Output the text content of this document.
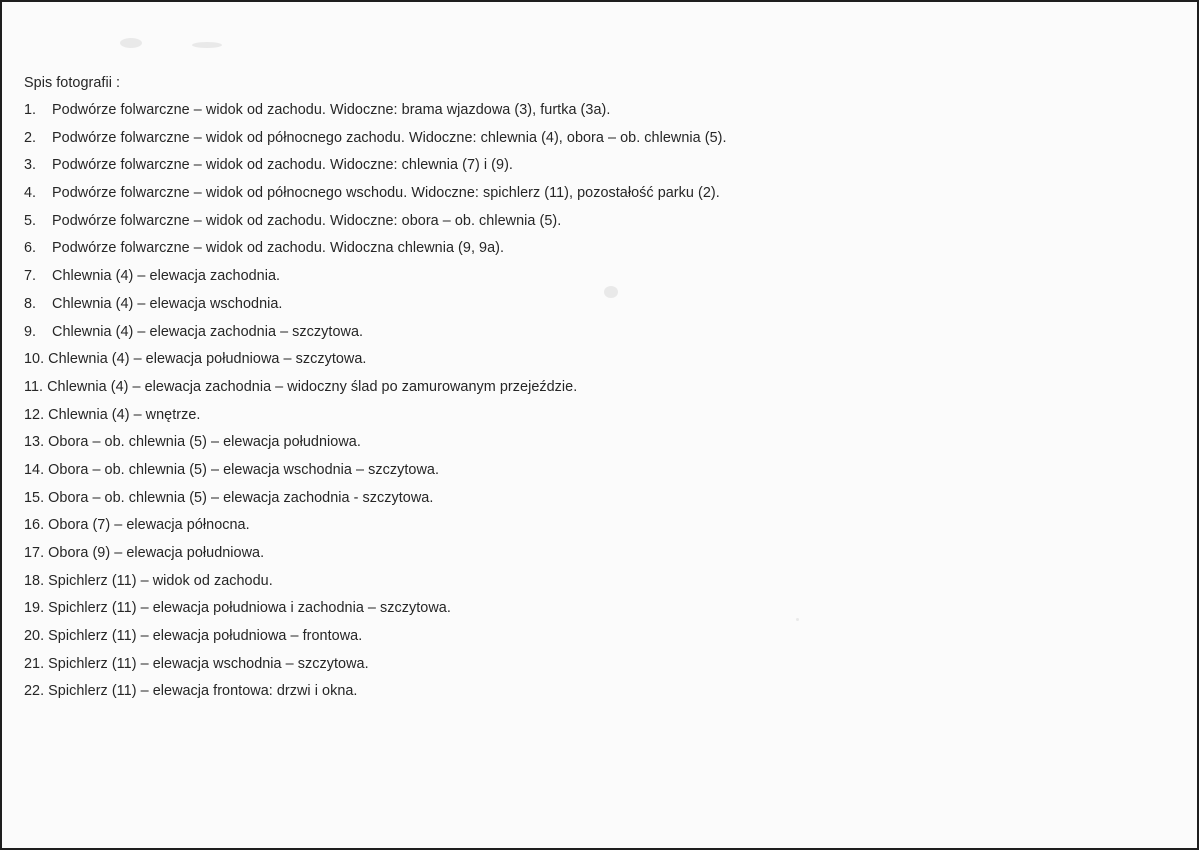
Spis fotografii :
1.	Podwórze folwarczne – widok od zachodu. Widoczne: brama wjazdowa (3), furtka (3a).
2.	Podwórze folwarczne – widok od północnego zachodu. Widoczne: chlewnia (4), obora – ob. chlewnia (5).
3.	Podwórze folwarczne – widok od zachodu. Widoczne: chlewnia (7) i (9).
4.	Podwórze folwarczne – widok od północnego wschodu. Widoczne: spichlerz (11), pozostałość parku (2).
5.	Podwórze folwarczne – widok od zachodu. Widoczne: obora – ob. chlewnia (5).
6.	Podwórze folwarczne – widok od zachodu. Widoczna chlewnia (9, 9a).
7.	Chlewnia (4) – elewacja zachodnia.
8.	Chlewnia (4) – elewacja wschodnia.
9.	Chlewnia (4) – elewacja zachodnia – szczytowa.
10. Chlewnia (4) – elewacja południowa – szczytowa.
11. Chlewnia (4) – elewacja zachodnia – widoczny ślad po zamurowanym przejeździe.
12. Chlewnia (4) – wnętrze.
13. Obora – ob. chlewnia (5) – elewacja południowa.
14. Obora – ob. chlewnia (5) – elewacja wschodnia – szczytowa.
15. Obora – ob. chlewnia (5) – elewacja zachodnia - szczytowa.
16. Obora (7) – elewacja północna.
17. Obora (9) – elewacja południowa.
18. Spichlerz (11) – widok od zachodu.
19. Spichlerz (11) – elewacja południowa i zachodnia – szczytowa.
20. Spichlerz (11) – elewacja południowa – frontowa.
21. Spichlerz (11) – elewacja wschodnia – szczytowa.
22. Spichlerz (11) – elewacja frontowa: drzwi i okna.
